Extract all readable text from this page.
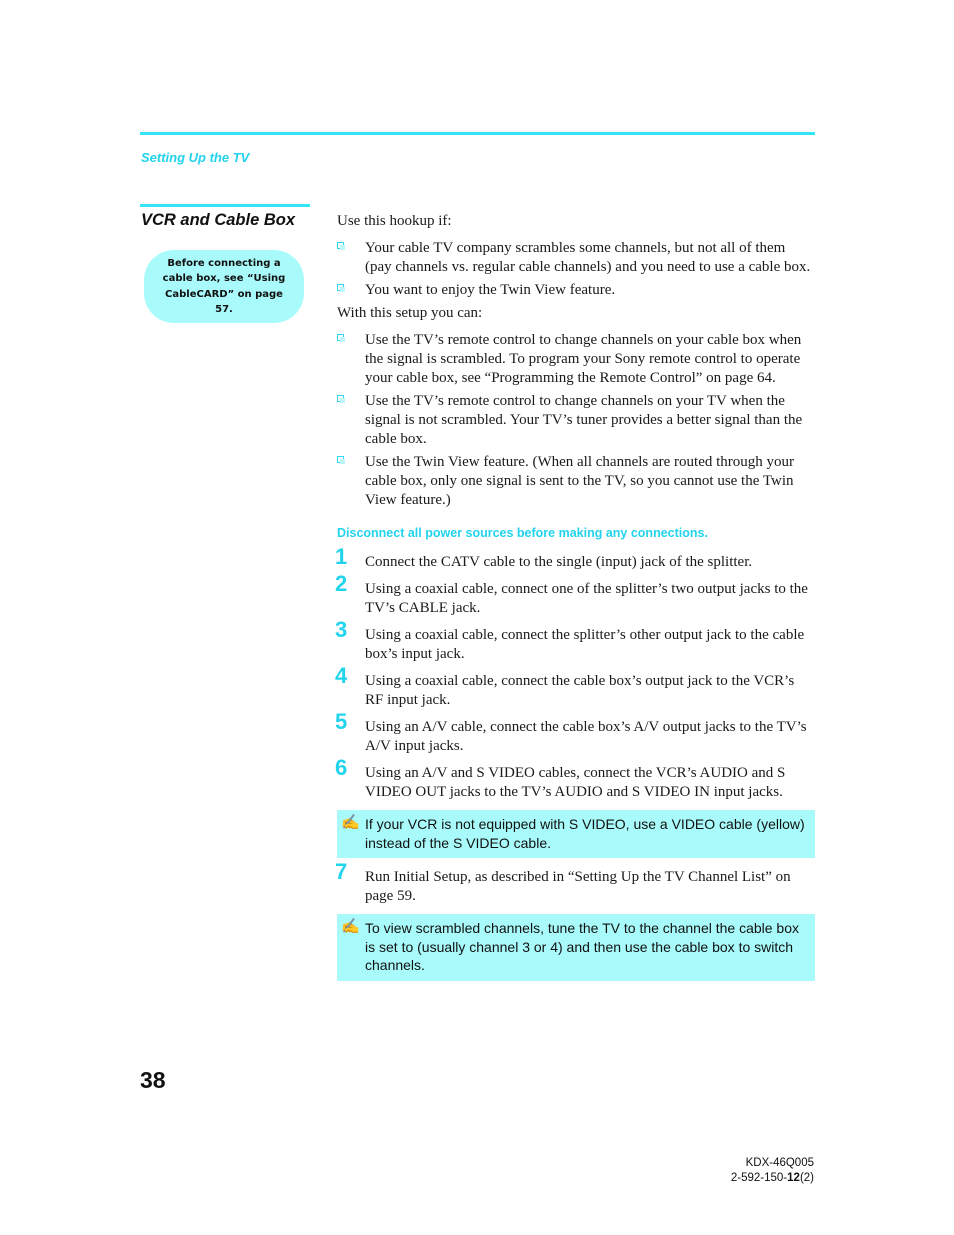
Setting Up the TV
VCR and Cable Box
Before connecting a cable box, see “Using CableCARD” on page 57.

Use this hookup if:

Your cable TV company scrambles some channels, but not all of them (pay channels vs. regular cable channels) and you need to use a cable box.
You want to enjoy the Twin View feature.

With this setup you can:

Use the TV’s remote control to change channels on your cable box when the signal is scrambled. To program your Sony remote control to operate your cable box, see “Programming the Remote Control” on page 64.
Use the TV’s remote control to change channels on your TV when the signal is not scrambled. Your TV’s tuner provides a better signal than the cable box.
Use the Twin View feature. (When all channels are routed through your cable box, only one signal is sent to the TV, so you cannot use the Twin View feature.)

Disconnect all power sources before making any connections.

1 Connect the CATV cable to the single (input) jack of the splitter.
2 Using a coaxial cable, connect one of the splitter’s two output jacks to the TV’s CABLE jack.
3 Using a coaxial cable, connect the splitter’s other output jack to the cable box’s input jack.
4 Using a coaxial cable, connect the cable box’s output jack to the VCR’s RF input jack.
5 Using an A/V cable, connect the cable box’s A/V output jacks to the TV’s A/V input jacks.
6 Using an A/V and S VIDEO cables, connect the VCR’s AUDIO and S VIDEO OUT jacks to the TV’s AUDIO and S VIDEO IN input jacks.
✍ If your VCR is not equipped with S VIDEO, use a VIDEO cable (yellow) instead of the S VIDEO cable.
7 Run Initial Setup, as described in “Setting Up the TV Channel List” on page 59.
✍ To view scrambled channels, tune the TV to the channel the cable box is set to (usually channel 3 or 4) and then use the cable box to switch channels.
38
KDX-46Q005
2-592-150-12(2)
